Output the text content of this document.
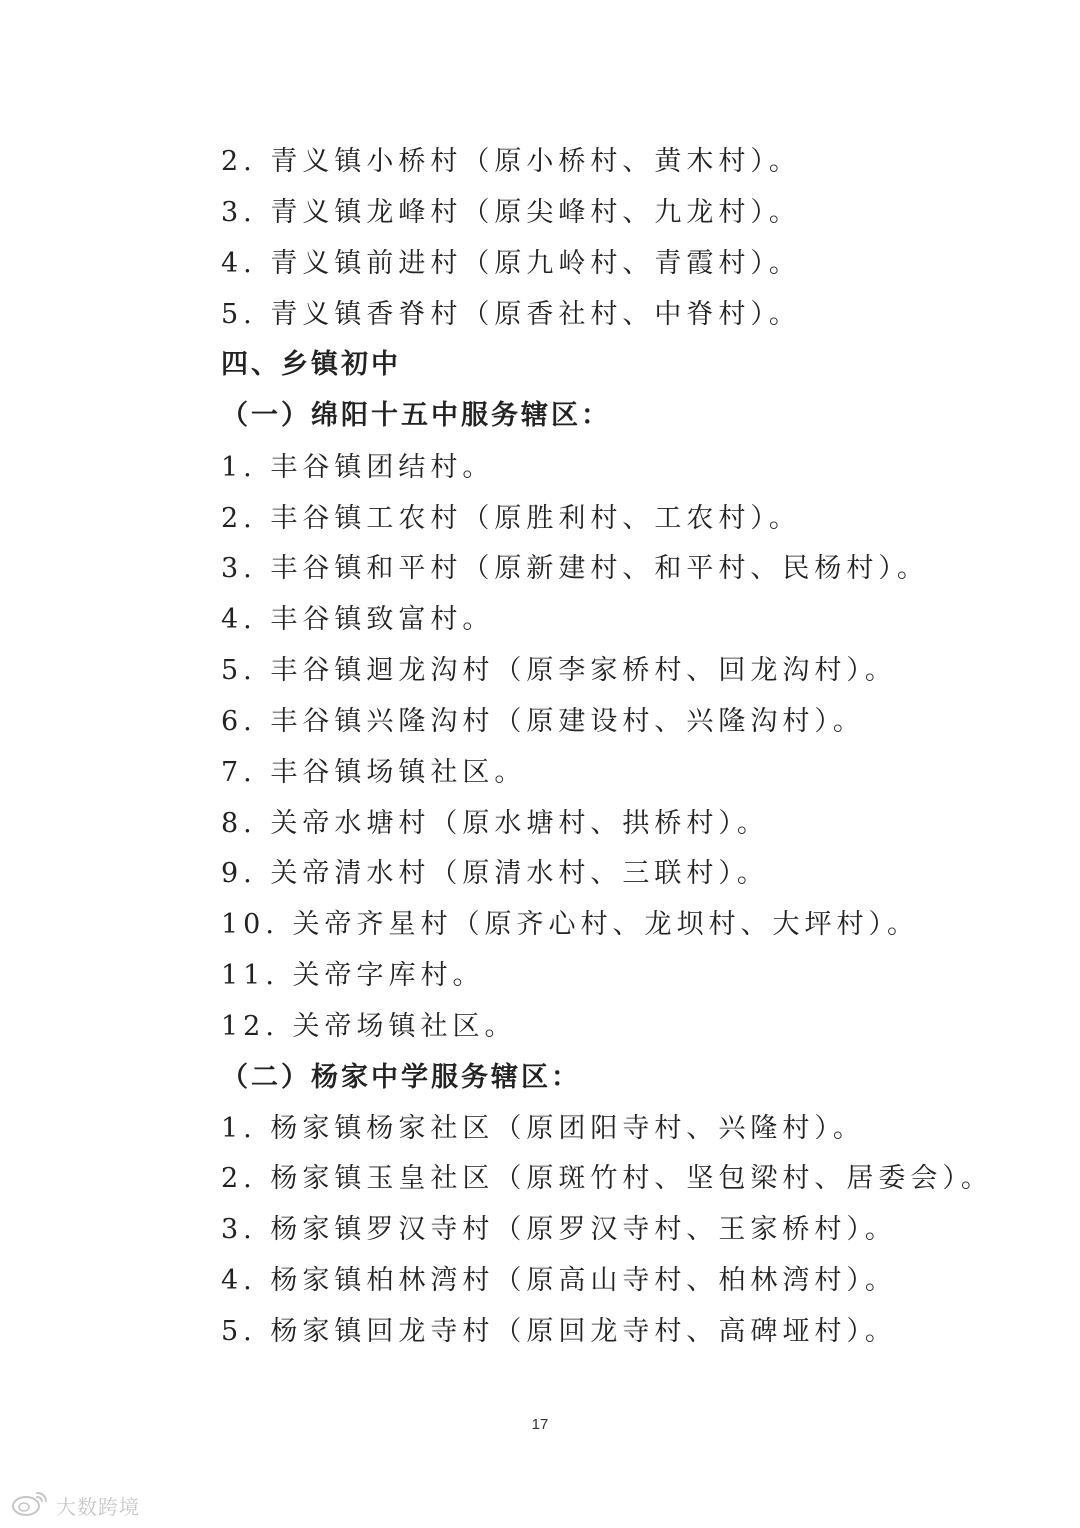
2. 青义镇小桥村（原小桥村、黄木村）。
3. 青义镇龙峰村（原尖峰村、九龙村）。
4. 青义镇前进村（原九岭村、青霞村）。
5. 青义镇香脊村（原香社村、中脊村）。
四、乡镇初中
（一）绵阳十五中服务辖区：
1. 丰谷镇团结村。
2. 丰谷镇工农村（原胜利村、工农村）。
3. 丰谷镇和平村（原新建村、和平村、民杨村）。
4. 丰谷镇致富村。
5. 丰谷镇迴龙沟村（原李家桥村、回龙沟村）。
6. 丰谷镇兴隆沟村（原建设村、兴隆沟村）。
7. 丰谷镇场镇社区。
8. 关帝水塘村（原水塘村、拱桥村）。
9. 关帝清水村（原清水村、三联村）。
10. 关帝齐星村（原齐心村、龙坝村、大坪村）。
11. 关帝字库村。
12. 关帝场镇社区。
（二）杨家中学服务辖区：
1. 杨家镇杨家社区（原团阳寺村、兴隆村）。
2. 杨家镇玉皇社区（原斑竹村、坚包梁村、居委会）。
3. 杨家镇罗汉寺村（原罗汉寺村、王家桥村）。
4. 杨家镇柏林湾村（原高山寺村、柏林湾村）。
5. 杨家镇回龙寺村（原回龙寺村、高碑垭村）。
17
大数跨境
